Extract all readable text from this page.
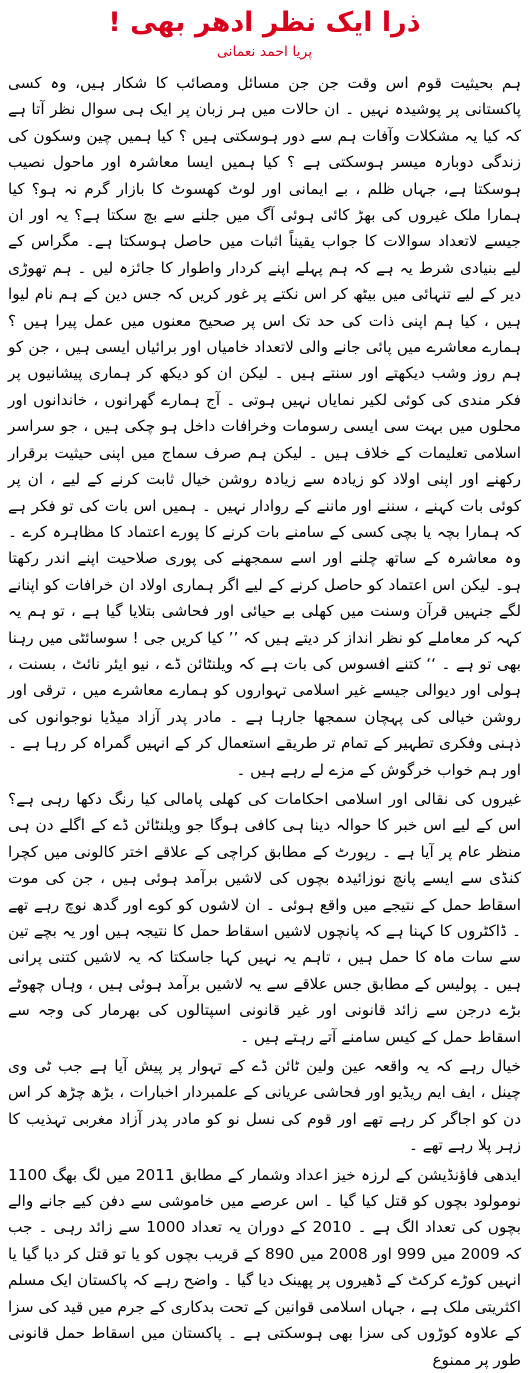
ذرا ایک نظر ادھر بھی !
پریا احمد نعمانی
ہم بحیثیت قوم اس وقت جن جن مسائل ومصائب کا شکار ہیں، وہ کسی پاکستانی پر پوشیدہ نہیں ۔ ان حالات میں ہر زبان پر ایک ہی سوال نظر آتا ہے کہ کیا یہ مشکلات وآفات ہم سے دور ہوسکتی ہیں ؟ کیا ہمیں چین وسکون کی زندگی دوبارہ میسر ہوسکتی ہے ؟ کیا ہمیں ایسا معاشرہ اور ماحول نصیب ہوسکتا ہے، جہاں ظلم ، بے ایمانی اور لوٹ کھسوٹ کا بازار گرم نہ ہو؟ کیا ہمارا ملک غیروں کی بھڑ کائی ہوئی آگ میں جلنے سے بچ سکتا ہے؟ یہ اور ان جیسے لاتعداد سوالات کا جواب یقیناً اثبات میں حاصل ہوسکتا ہے۔ مگراس کے لیے بنیادی شرط یہ ہے کہ ہم پہلے اپنے کردار واطوار کا جائزہ لیں ۔ ہم تھوڑی دیر کے لیے تنہائی میں بیٹھ کر اس نکتے پر غور کریں کہ جس دین کے ہم نام لیوا ہیں ، کیا ہم اپنی ذات کی حد تک اس پر صحیح معنوں میں عمل پیرا ہیں ؟ ہمارے معاشرے میں پائی جانے والی لاتعداد خامیاں اور برائیاں ایسی ہیں ، جن کو ہم روز وشب دیکھتے اور سنتے ہیں ۔ لیکن ان کو دیکھ کر ہماری پیشانیوں پر فکر مندی کی کوئی لکیر نمایاں نہیں ہوتی ۔ آج ہمارے گھرانوں ، خاندانوں اور محلوں میں بہت سی ایسی رسومات وخرافات داخل ہو چکی ہیں ، جو سراسر اسلامی تعلیمات کے خلاف ہیں ۔ لیکن ہم صرف سماج میں اپنی حیثیت برقرار رکھنے اور اپنی اولاد کو زیادہ سے زیادہ روشن خیال ثابت کرنے کے لیے ، ان پر کوئی بات کہنے ، سننے اور ماننے کے روادار نہیں ۔ ہمیں اس بات کی تو فکر ہے کہ ہمارا بچہ یا بچی کسی کے سامنے بات کرنے کا پورے اعتماد کا مظاہرہ کرے ۔ وہ معاشرہ کے ساتھ چلنے اور اسے سمجھنے کی پوری صلاحیت اپنے اندر رکھتا ہو۔ لیکن اس اعتماد کو حاصل کرنے کے لیے اگر ہماری اولاد ان خرافات کو اپنانے لگے جنہیں قرآن وسنت میں کھلی بے حیائی اور فحاشی بتلایا گیا ہے ، تو ہم یہ کہہ کر معاملے کو نظر انداز کر دیتے ہیں کہ ’’ کیا کریں جی ! سوسائٹی میں رہنا بھی تو ہے ۔ ‘‘ کتنے افسوس کی بات ہے کہ ویلنٹائن ڈے ، نیو ایئر نائٹ ، بسنت ، ہولی اور دیوالی جیسے غیر اسلامی تہواروں کو ہمارے معاشرے میں ، ترقی اور روشن خیالی کی پہچان سمجھا جارہا ہے ۔ مادر پدر آزاد میڈیا نوجوانوں کی ذہنی وفکری تطہیر کے تمام تر طریقے استعمال کر کے انہیں گمراہ کر رہا ہے ۔ اور ہم خواب خرگوش کے مزے لے رہے ہیں ۔
غیروں کی نقالی اور اسلامی احکامات کی کھلی پامالی کیا رنگ دکھا رہی ہے؟ اس کے لیے اس خبر کا حوالہ دینا ہی کافی ہوگا جو ویلنٹائن ڈے کے اگلے دن ہی منظر عام پر آیا ہے ۔ رپورٹ کے مطابق کراچی کے علاقے اختر کالونی میں کچرا کنڈی سے ایسے پانچ نوزائیدہ بچوں کی لاشیں برآمد ہوئی ہیں ، جن کی موت اسقاط حمل کے نتیجے میں واقع ہوئی ۔ ان لاشوں کو کوے اور گدھ نوچ رہے تھے ۔ ڈاکٹروں کا کہنا ہے کہ پانچوں لاشیں اسقاط حمل کا نتیجہ ہیں اور یہ بچے تین سے سات ماہ کا حمل ہیں ، تاہم یہ نہیں کہا جاسکتا کہ یہ لاشیں کتنی پرانی ہیں ۔ پولیس کے مطابق جس علاقے سے یہ لاشیں برآمد ہوئی ہیں ، وہاں چھوٹے بڑے درجن سے زائد قانونی اور غیر قانونی اسپتالوں کی بھرمار کی وجہ سے اسقاط حمل کے کیس سامنے آتے رہتے ہیں ۔
خیال رہے کہ یہ واقعہ عین ولین ٹائن ڈے کے تہوار پر پیش آیا ہے جب ٹی وی چینل ، ایف ایم ریڈیو اور فحاشی عریانی کے علمبردار اخبارات ، بڑھ چڑھ کر اس دن کو اجاگر کر رہے تھے اور قوم کی نسل نو کو مادر پدر آزاد مغربی تہذیب کا زہر پلا رہے تھے ۔
ایدھی فاؤنڈیشن کے لرزہ خیز اعداد وشمار کے مطابق 2011 میں لگ بھگ 1100 نومولود بچوں کو قتل کیا گیا ۔ اس عرصے میں خاموشی سے دفن کیے جانے والے بچوں کی تعداد الگ ہے ۔ 2010 کے دوران یہ تعداد 1000 سے زائد رہی ۔ جب کہ 2009 میں 999 اور 2008 میں 890 کے قریب بچوں کو یا تو قتل کر دیا گیا یا انہیں کوڑے کرکٹ کے ڈھیروں پر پھینک دیا گیا ۔ واضح رہے کہ پاکستان ایک مسلم اکثریتی ملک ہے ، جہاں اسلامی قوانین کے تحت بدکاری کے جرم میں قید کی سزا کے علاوہ کوڑوں کی سزا بھی ہوسکتی ہے ۔ پاکستان میں اسقاط حمل قانونی طور پر ممنوع
